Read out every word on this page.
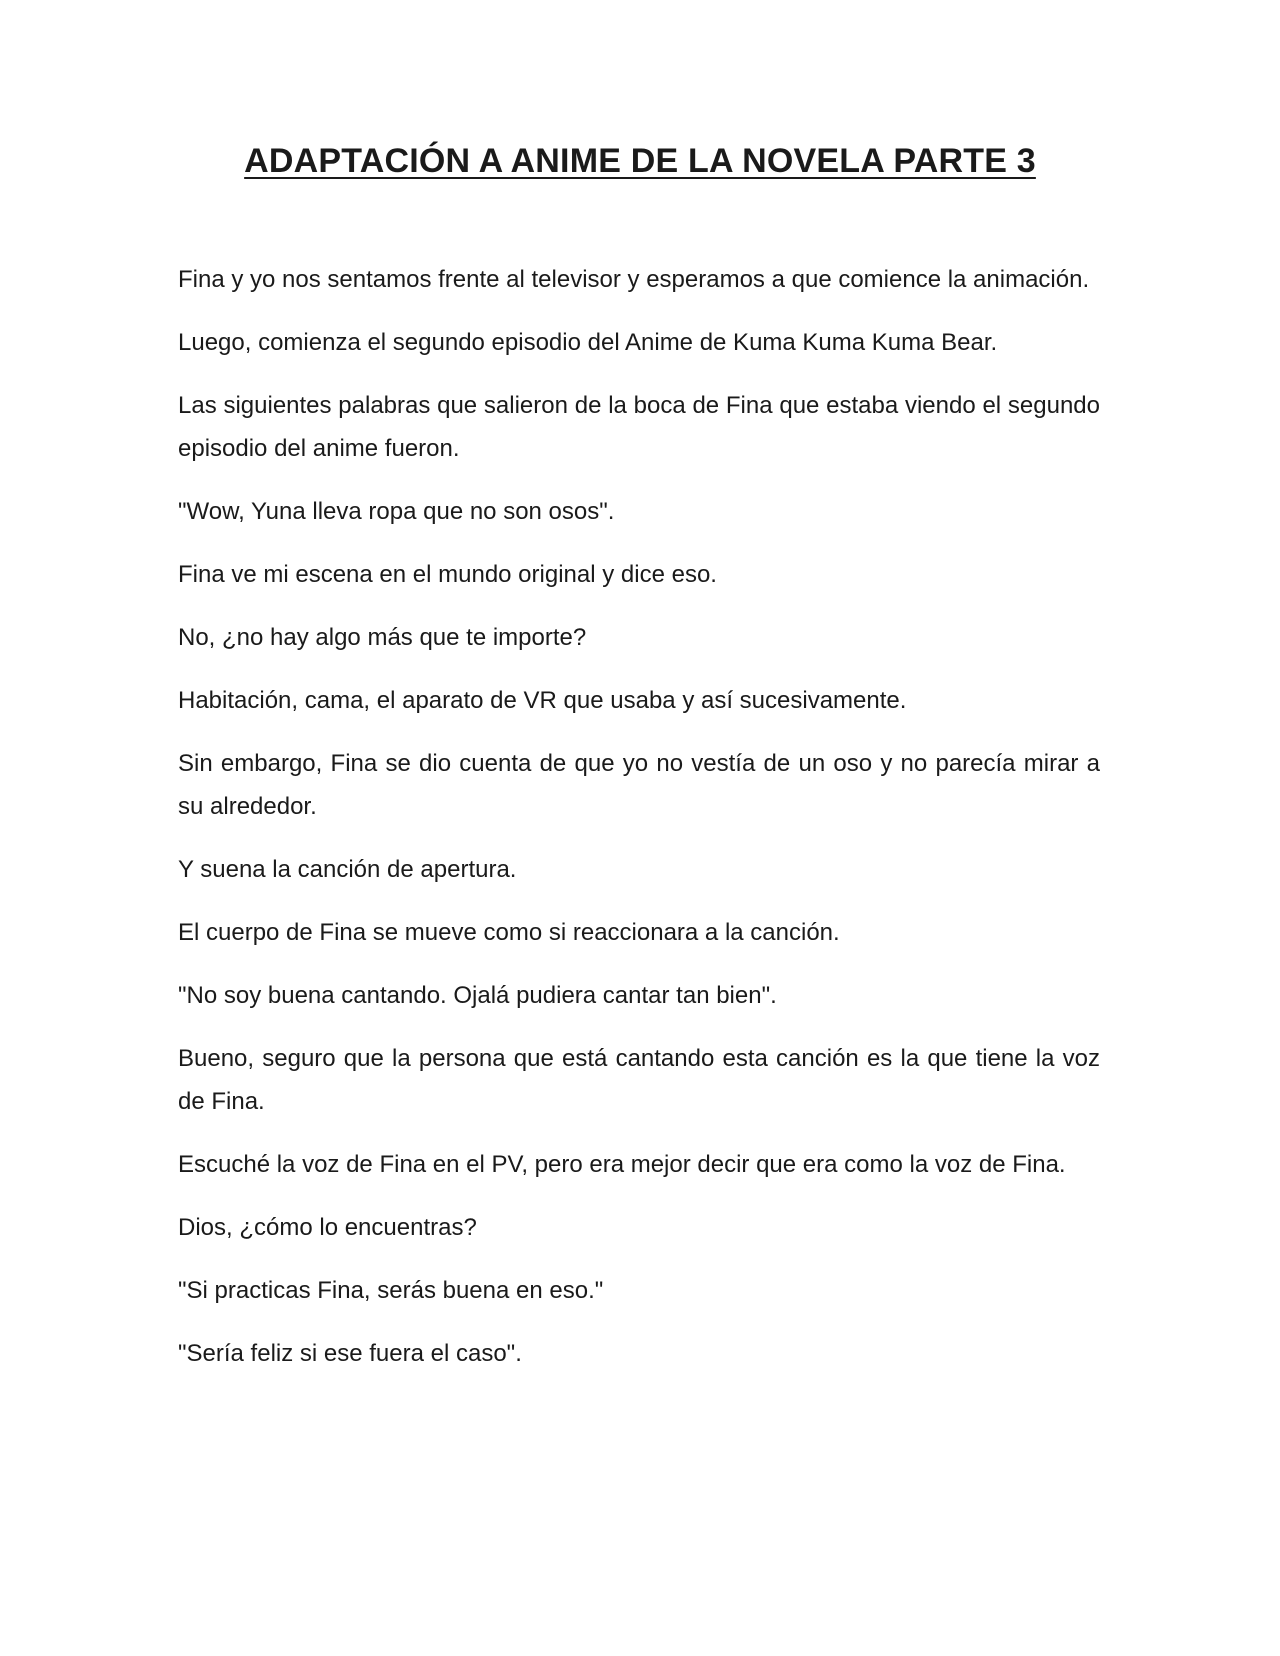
ADAPTACIÓN A ANIME DE LA NOVELA PARTE 3

Fina y yo nos sentamos frente al televisor y esperamos a que comience la animación.

Luego, comienza el segundo episodio del Anime de Kuma Kuma Kuma Bear.

Las siguientes palabras que salieron de la boca de Fina que estaba viendo el segundo episodio del anime fueron.

"Wow, Yuna lleva ropa que no son osos".

Fina ve mi escena en el mundo original y dice eso.

No, ¿no hay algo más que te importe?

Habitación, cama, el aparato de VR que usaba y así sucesivamente.

Sin embargo, Fina se dio cuenta de que yo no vestía de un oso y no parecía mirar a su alrededor.

Y suena la canción de apertura.

El cuerpo de Fina se mueve como si reaccionara a la canción.

"No soy buena cantando. Ojalá pudiera cantar tan bien".

Bueno, seguro que la persona que está cantando esta canción es la que tiene la voz de Fina.

Escuché la voz de Fina en el PV, pero era mejor decir que era como la voz de Fina.

Dios, ¿cómo lo encuentras?

"Si practicas Fina, serás buena en eso."

"Sería feliz si ese fuera el caso".
